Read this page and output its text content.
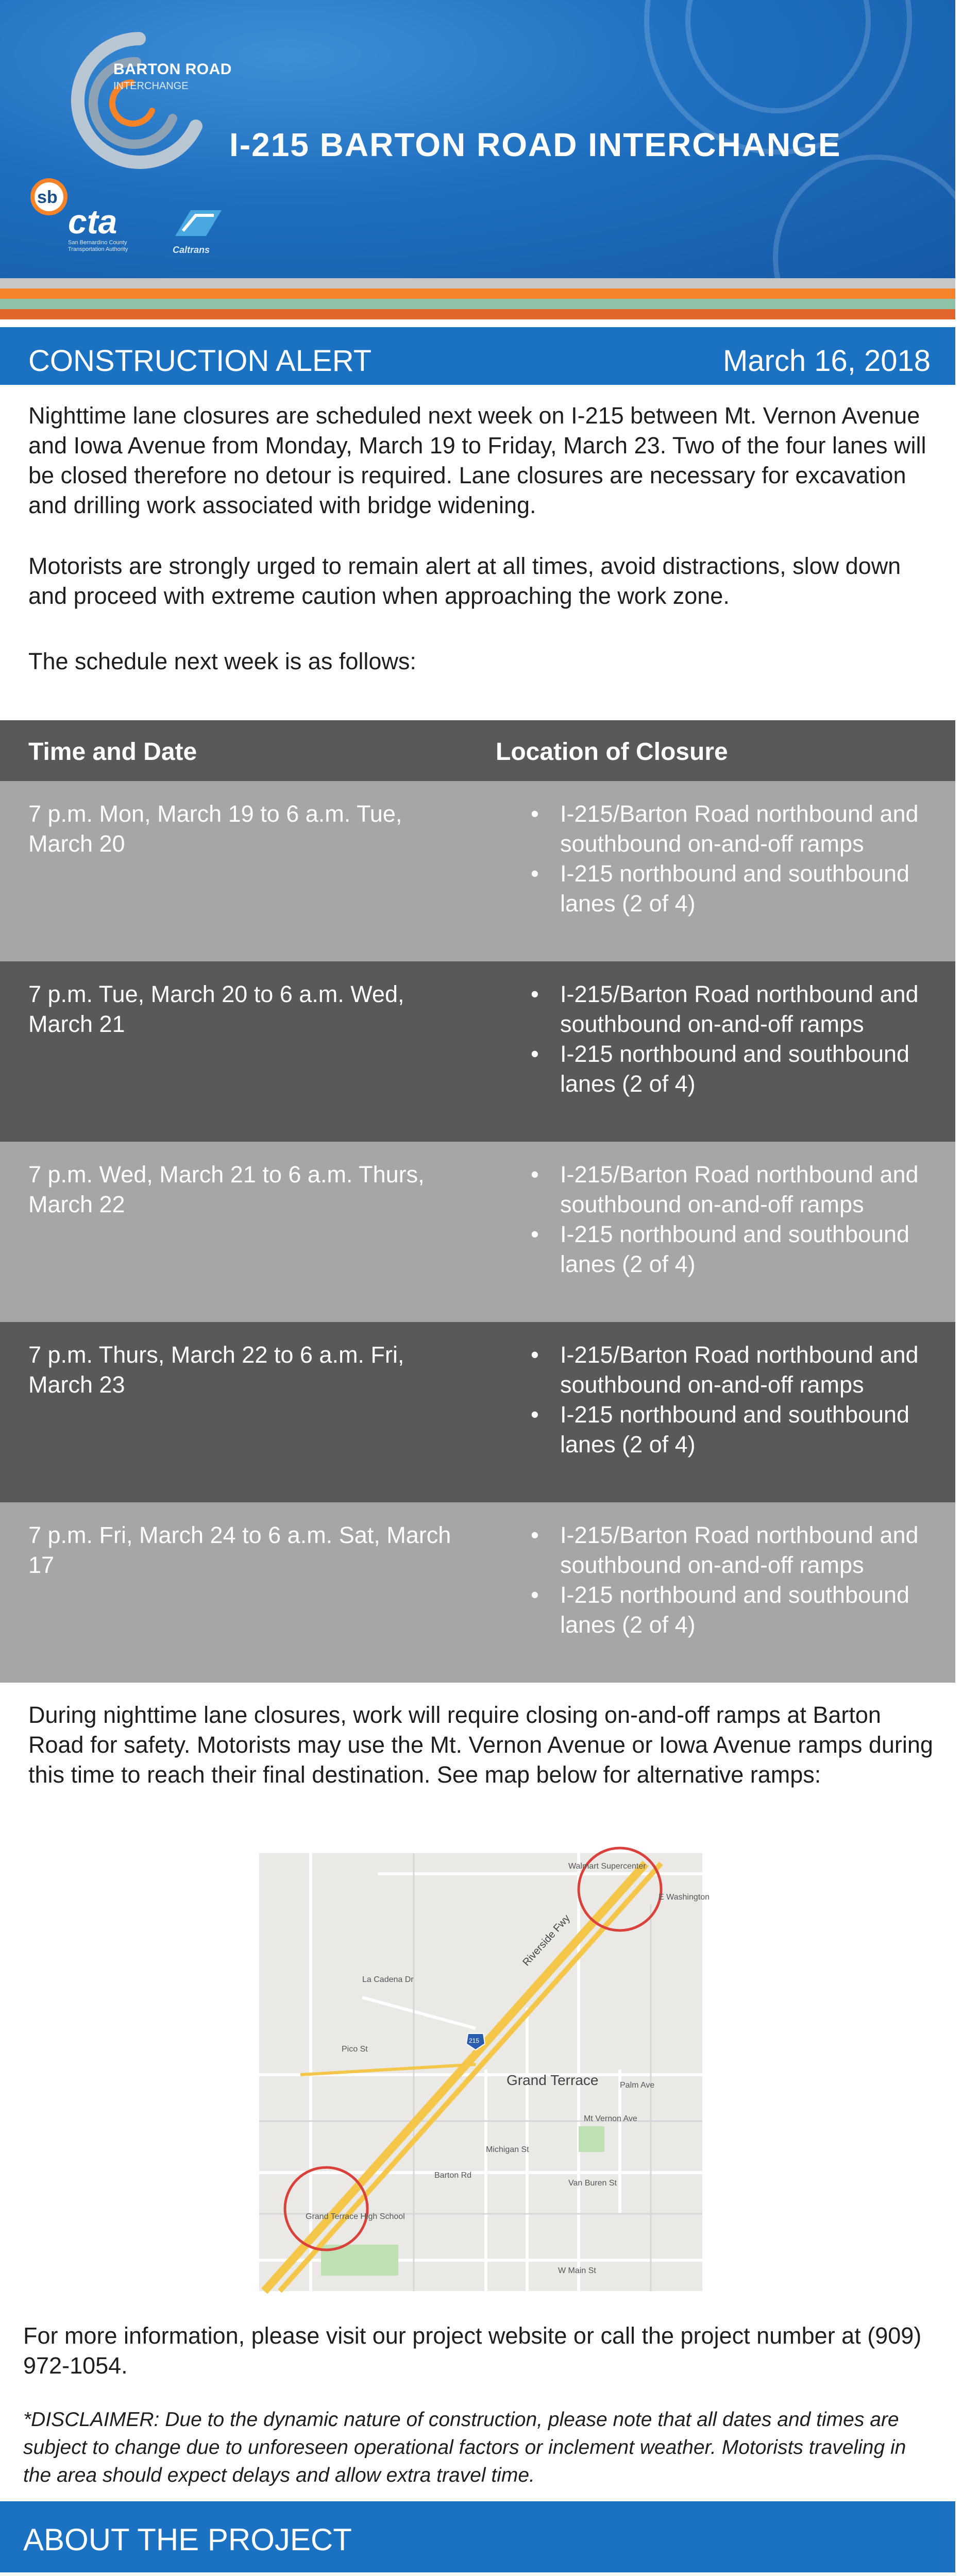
BARTON ROAD
INTERCHANGE
I-215 BARTON ROAD INTERCHANGE
sb
cta
San Bernardino County Transportation Authority	Caltrans
CONSTRUCTION ALERT	March 16, 2018
Nighttime lane closures are scheduled next week on I-215 between Mt. Vernon Avenue and Iowa Avenue from Monday, March 19 to Friday, March 23. Two of the four lanes will be closed therefore no detour is required. Lane closures are necessary for excavation and drilling work associated with bridge widening.
Motorists are strongly urged to remain alert at all times, avoid distractions, slow down and proceed with extreme caution when approaching the work zone.
The schedule next week is as follows:
Time and Date	Location of Closure
7 p.m. Mon, March 19 to 6 a.m. Tue, March 20
• I-215/Barton Road northbound and southbound on-and-off ramps
• I-215 northbound and southbound lanes (2 of 4)
7 p.m. Tue, March 20 to 6 a.m. Wed, March 21
• I-215/Barton Road northbound and southbound on-and-off ramps
• I-215 northbound and southbound lanes (2 of 4)
7 p.m. Wed, March 21 to 6 a.m. Thurs, March 22
• I-215/Barton Road northbound and southbound on-and-off ramps
• I-215 northbound and southbound lanes (2 of 4)
7 p.m. Thurs, March 22 to 6 a.m. Fri, March 23
• I-215/Barton Road northbound and southbound on-and-off ramps
• I-215 northbound and southbound lanes (2 of 4)
7 p.m. Fri, March 24 to 6 a.m. Sat, March 17
• I-215/Barton Road northbound and southbound on-and-off ramps
• I-215 northbound and southbound lanes (2 of 4)
During nighttime lane closures, work will require closing on-and-off ramps at Barton Road for safety. Motorists may use the Mt. Vernon Avenue or Iowa Avenue ramps during this time to reach their final destination. See map below for alternative ramps:
215
Walmart Supercenter
E Washington
Grand Terrace
Grand Terrace High School
Pico St
Palm Ave
Van Buren St
W Main St
Barton Rd
Mt Vernon Ave
Michigan St
La Cadena Dr
Riverside Fwy
For more information, please visit our project website or call the project number at (909) 972-1054.
*DISCLAIMER: Due to the dynamic nature of construction, please note that all dates and times are subject to change due to unforeseen operational factors or inclement weather. Motorists traveling in the area should expect delays and allow extra travel time.
ABOUT THE PROJECT
